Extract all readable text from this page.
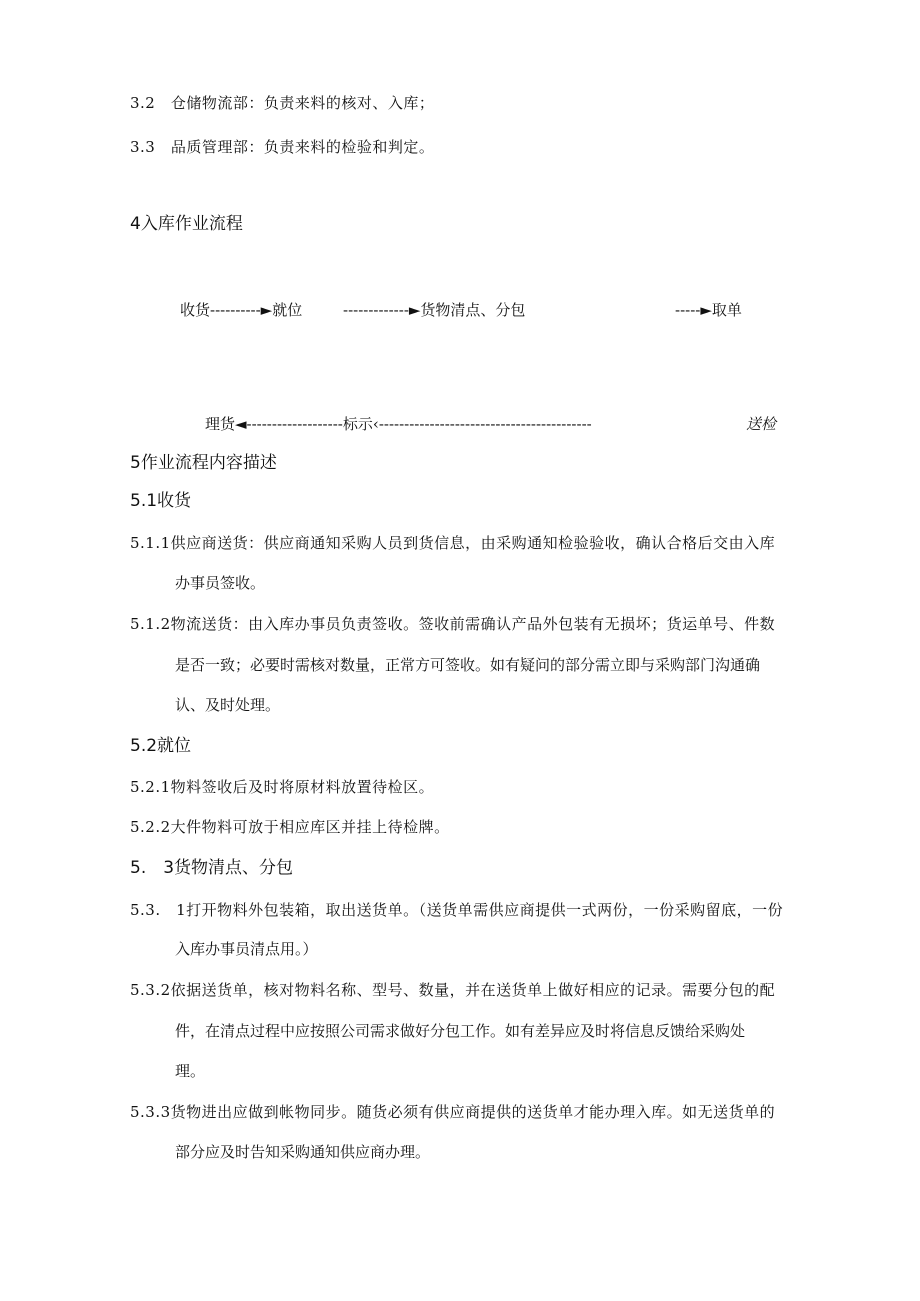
3.2　仓储物流部：负责来料的核对、入库；
3.3　品质管理部：负责来料的检验和判定。
4入库作业流程
收货----------►就位	-------------►货物清点、分包	-----►取单
理货◄-------------------标示‹------------------------------------------	送检
5作业流程内容描述
5.1收货
5.1.1供应商送货：供应商通知采购人员到货信息，由采购通知检验验收，确认合格后交由入库
办事员签收。
5.1.2物流送货：由入库办事员负责签收。签收前需确认产品外包装有无损坏；货运单号、件数
是否一致；必要时需核对数量，正常方可签收。如有疑问的部分需立即与采购部门沟通确
认、及时处理。
5.2就位
5.2.1物料签收后及时将原材料放置待检区。
5.2.2大件物料可放于相应库区并挂上待检牌。
5.　3货物清点、分包
5.3.　1打开物料外包装箱，取出送货单。（送货单需供应商提供一式两份，一份采购留底，一份
入库办事员清点用。）
5.3.2依据送货单，核对物料名称、型号、数量，并在送货单上做好相应的记录。需要分包的配
件，在清点过程中应按照公司需求做好分包工作。如有差异应及时将信息反馈给采购处
理。
5.3.3货物进出应做到帐物同步。随货必须有供应商提供的送货单才能办理入库。如无送货单的
部分应及时告知采购通知供应商办理。
